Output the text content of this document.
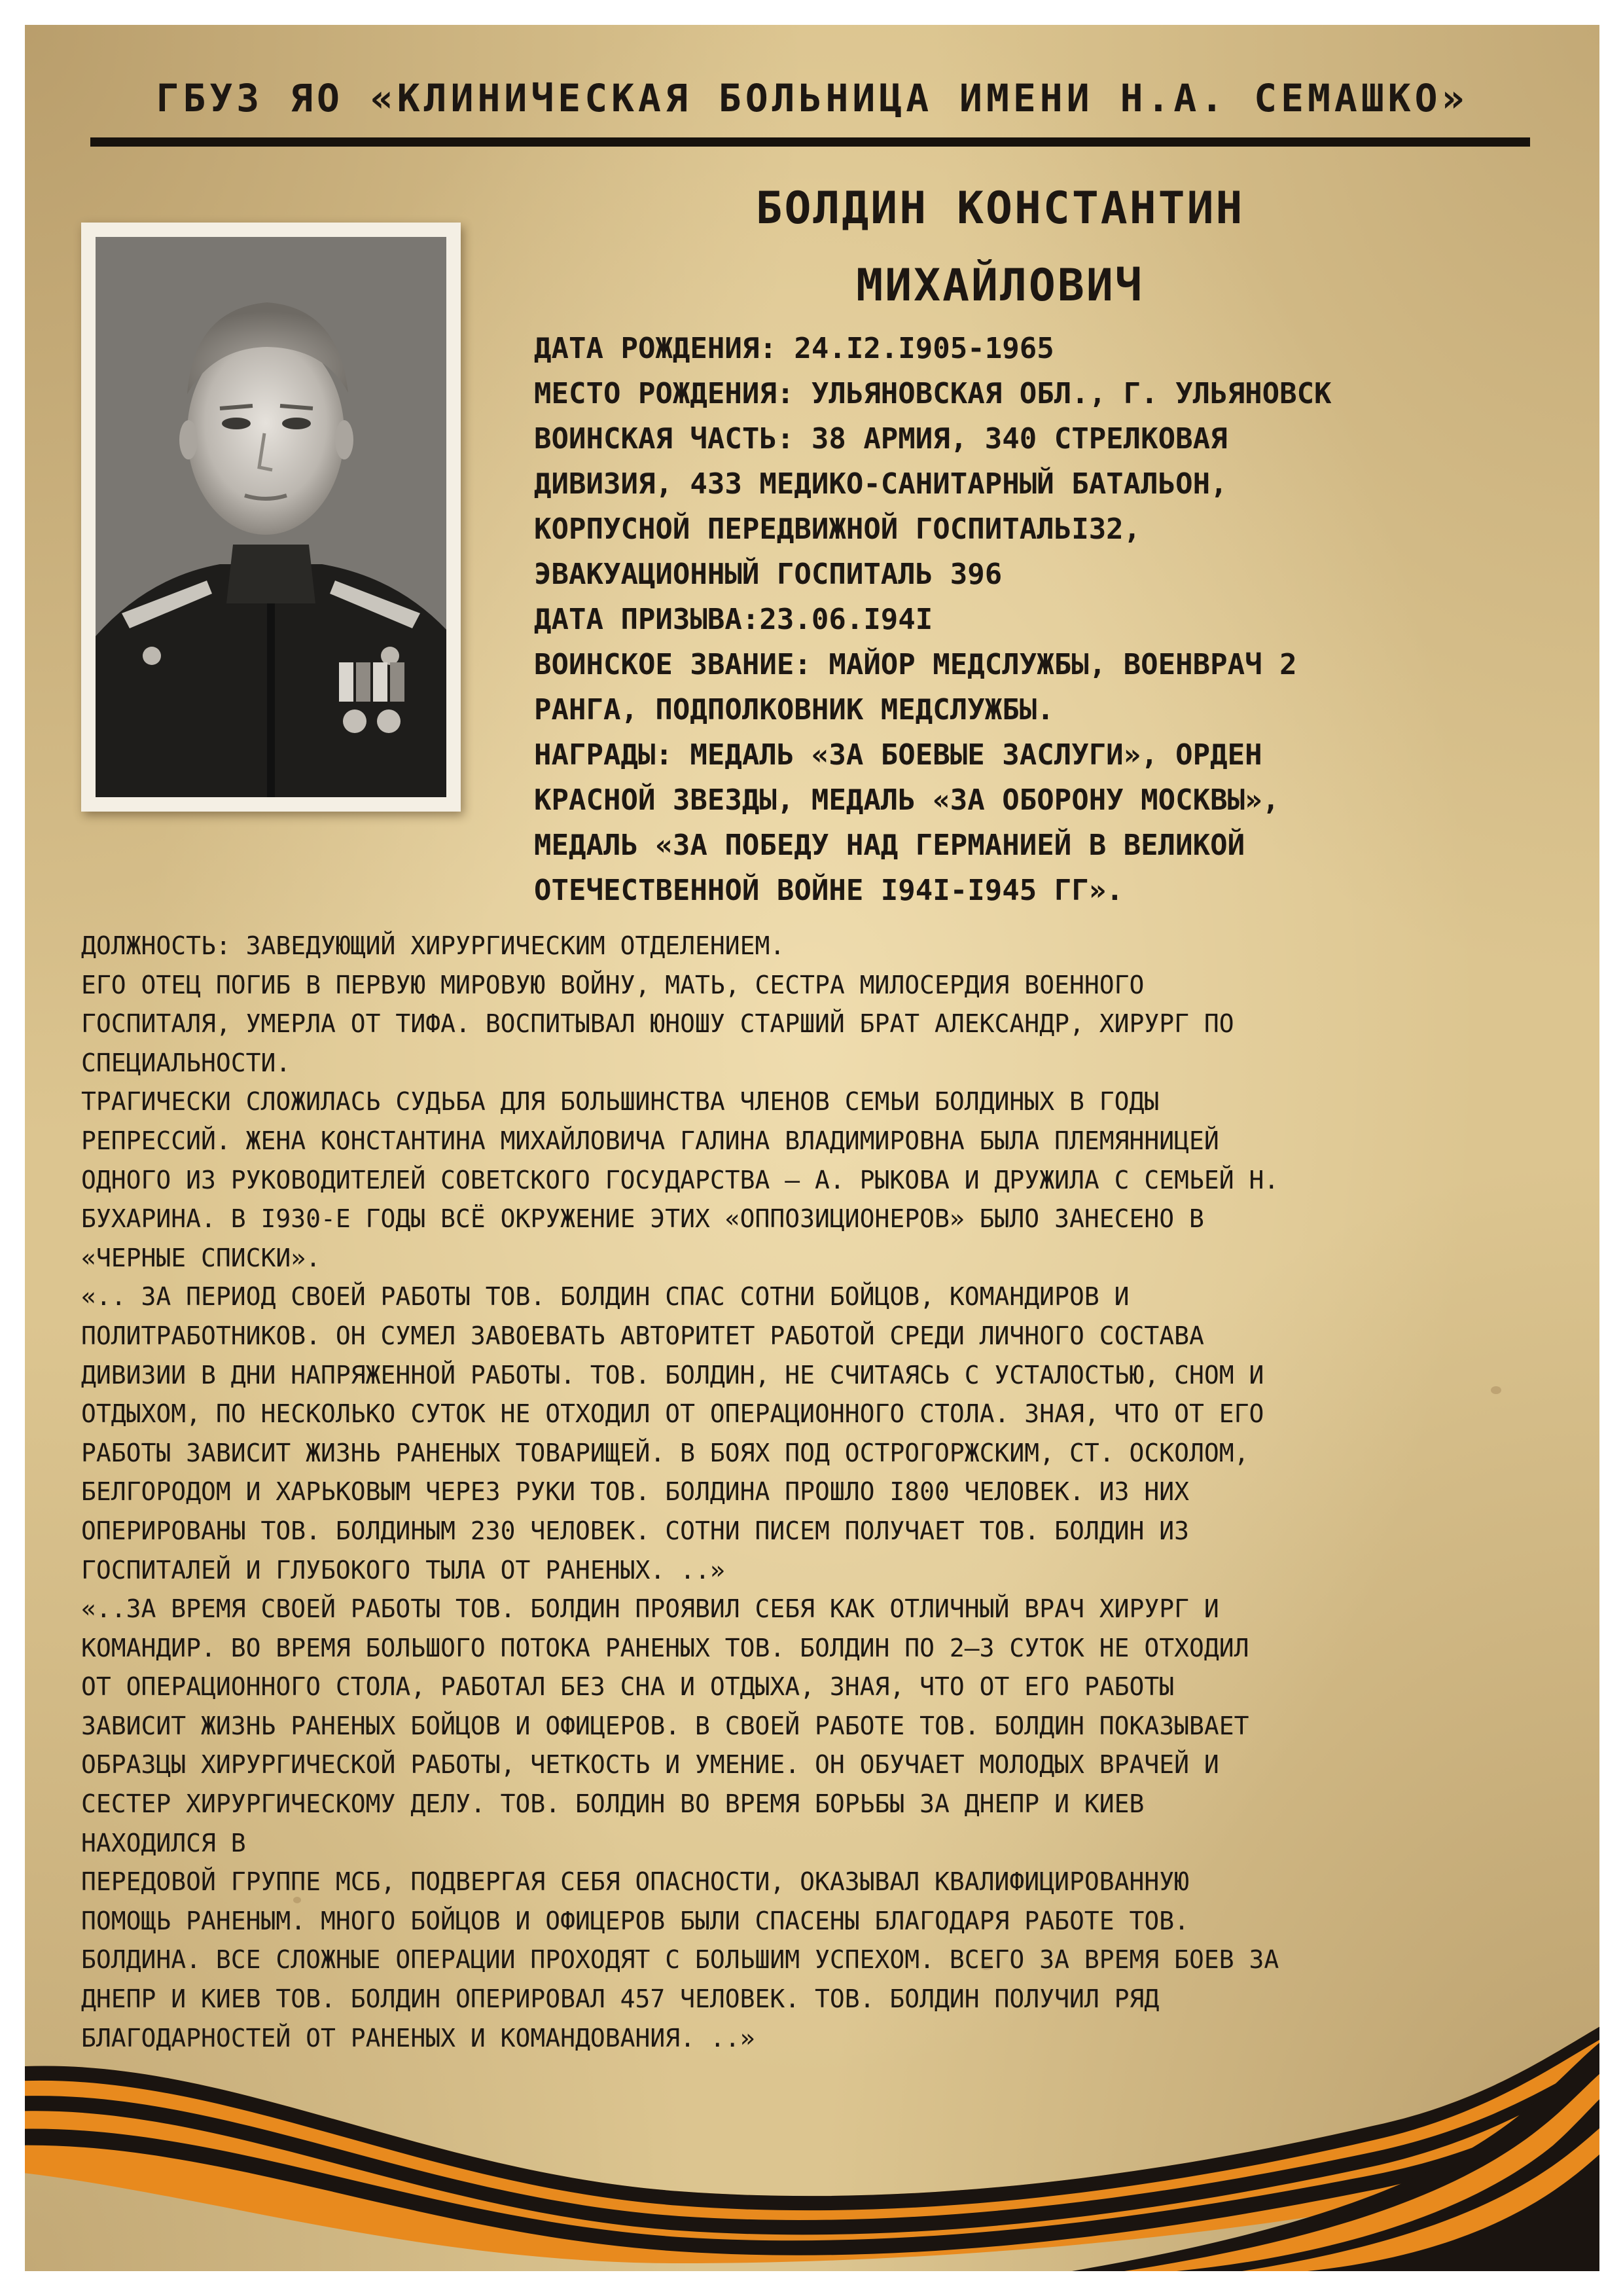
ГБУЗ ЯО «КЛИНИЧЕСКАЯ БОЛЬНИЦА ИМЕНИ Н.А. СЕМАШКО»
БОЛДИН КОНСТАНТИН
МИХАЙЛОВИЧ
ДАТА РОЖДЕНИЯ: 24.I2.I905-1965
МЕСТО РОЖДЕНИЯ: УЛЬЯНОВСКАЯ ОБЛ., Г. УЛЬЯНОВСК
ВОИНСКАЯ ЧАСТЬ: 38 АРМИЯ, 340 СТРЕЛКОВАЯ
ДИВИЗИЯ, 433 МЕДИКО-САНИТАРНЫЙ БАТАЛЬОН,
КОРПУСНОЙ ПЕРЕДВИЖНОЙ ГОСПИТАЛЬI32,
ЭВАКУАЦИОННЫЙ ГОСПИТАЛЬ 396
ДАТА ПРИЗЫВА:23.06.I94I
ВОИНСКОЕ ЗВАНИЕ: МАЙОР МЕДСЛУЖБЫ, ВОЕНВРАЧ 2
РАНГА, ПОДПОЛКОВНИК МЕДСЛУЖБЫ.
НАГРАДЫ: МЕДАЛЬ «ЗА БОЕВЫЕ ЗАСЛУГИ», ОРДЕН
КРАСНОЙ ЗВЕЗДЫ, МЕДАЛЬ «ЗА ОБОРОНУ МОСКВЫ»,
МЕДАЛЬ «ЗА ПОБЕДУ НАД ГЕРМАНИЕЙ В ВЕЛИКОЙ
ОТЕЧЕСТВЕННОЙ ВОЙНЕ I94I-I945 ГГ».
ДОЛЖНОСТЬ: ЗАВЕДУЮЩИЙ ХИРУРГИЧЕСКИМ ОТДЕЛЕНИЕМ.
ЕГО ОТЕЦ ПОГИБ В ПЕРВУЮ МИРОВУЮ ВОЙНУ, МАТЬ, СЕСТРА МИЛОСЕРДИЯ ВОЕННОГО
ГОСПИТАЛЯ, УМЕРЛА ОТ ТИФА. ВОСПИТЫВАЛ ЮНОШУ СТАРШИЙ БРАТ АЛЕКСАНДР, ХИРУРГ ПО
СПЕЦИАЛЬНОСТИ.
ТРАГИЧЕСКИ СЛОЖИЛАСЬ СУДЬБА ДЛЯ БОЛЬШИНСТВА ЧЛЕНОВ СЕМЬИ БОЛДИНЫХ В ГОДЫ
РЕПРЕССИЙ. ЖЕНА КОНСТАНТИНА МИХАЙЛОВИЧА ГАЛИНА ВЛАДИМИРОВНА БЫЛА ПЛЕМЯННИЦЕЙ
ОДНОГО ИЗ РУКОВОДИТЕЛЕЙ СОВЕТСКОГО ГОСУДАРСТВА — А. РЫКОВА И ДРУЖИЛА С СЕМЬЕЙ Н.
БУХАРИНА. В I930-Е ГОДЫ ВСЁ ОКРУЖЕНИЕ ЭТИХ «ОППОЗИЦИОНЕРОВ» БЫЛО ЗАНЕСЕНО В
«ЧЕРНЫЕ СПИСКИ».
«.. ЗА ПЕРИОД СВОЕЙ РАБОТЫ ТОВ. БОЛДИН СПАС СОТНИ БОЙЦОВ, КОМАНДИРОВ И
ПОЛИТРАБОТНИКОВ. ОН СУМЕЛ ЗАВОЕВАТЬ АВТОРИТЕТ РАБОТОЙ СРЕДИ ЛИЧНОГО СОСТАВА
ДИВИЗИИ В ДНИ НАПРЯЖЕННОЙ РАБОТЫ. ТОВ. БОЛДИН, НЕ СЧИТАЯСЬ С УСТАЛОСТЬЮ, СНОМ И
ОТДЫХОМ, ПО НЕСКОЛЬКО СУТОК НЕ ОТХОДИЛ ОТ ОПЕРАЦИОННОГО СТОЛА. ЗНАЯ, ЧТО ОТ ЕГО
РАБОТЫ ЗАВИСИТ ЖИЗНЬ РАНЕНЫХ ТОВАРИЩЕЙ. В БОЯХ ПОД ОСТРОГОРЖСКИМ, СТ. ОСКОЛОМ,
БЕЛГОРОДОМ И ХАРЬКОВЫМ ЧЕРЕЗ РУКИ ТОВ. БОЛДИНА ПРОШЛО I800 ЧЕЛОВЕК. ИЗ НИХ
ОПЕРИРОВАНЫ ТОВ. БОЛДИНЫМ 230 ЧЕЛОВЕК. СОТНИ ПИСЕМ ПОЛУЧАЕТ ТОВ. БОЛДИН ИЗ
ГОСПИТАЛЕЙ И ГЛУБОКОГО ТЫЛА ОТ РАНЕНЫХ. ..»
«..ЗА ВРЕМЯ СВОЕЙ РАБОТЫ ТОВ. БОЛДИН ПРОЯВИЛ СЕБЯ КАК ОТЛИЧНЫЙ ВРАЧ ХИРУРГ И
КОМАНДИР. ВО ВРЕМЯ БОЛЬШОГО ПОТОКА РАНЕНЫХ ТОВ. БОЛДИН ПО 2—3 СУТОК НЕ ОТХОДИЛ
ОТ ОПЕРАЦИОННОГО СТОЛА, РАБОТАЛ БЕЗ СНА И ОТДЫХА, ЗНАЯ, ЧТО ОТ ЕГО РАБОТЫ
ЗАВИСИТ ЖИЗНЬ РАНЕНЫХ БОЙЦОВ И ОФИЦЕРОВ. В СВОЕЙ РАБОТЕ ТОВ. БОЛДИН ПОКАЗЫВАЕТ
ОБРАЗЦЫ ХИРУРГИЧЕСКОЙ РАБОТЫ, ЧЕТКОСТЬ И УМЕНИЕ. ОН ОБУЧАЕТ МОЛОДЫХ ВРАЧЕЙ И
СЕСТЕР ХИРУРГИЧЕСКОМУ ДЕЛУ. ТОВ. БОЛДИН ВО ВРЕМЯ БОРЬБЫ ЗА ДНЕПР И КИЕВ
НАХОДИЛСЯ В
ПЕРЕДОВОЙ ГРУППЕ МСБ, ПОДВЕРГАЯ СЕБЯ ОПАСНОСТИ, ОКАЗЫВАЛ КВАЛИФИЦИРОВАННУЮ
ПОМОЩЬ РАНЕНЫМ. МНОГО БОЙЦОВ И ОФИЦЕРОВ БЫЛИ СПАСЕНЫ БЛАГОДАРЯ РАБОТЕ ТОВ.
БОЛДИНА. ВСЕ СЛОЖНЫЕ ОПЕРАЦИИ ПРОХОДЯТ С БОЛЬШИМ УСПЕХОМ. ВСЕГО ЗА ВРЕМЯ БОЕВ ЗА
ДНЕПР И КИЕВ ТОВ. БОЛДИН ОПЕРИРОВАЛ 457 ЧЕЛОВЕК. ТОВ. БОЛДИН ПОЛУЧИЛ РЯД
БЛАГОДАРНОСТЕЙ ОТ РАНЕНЫХ И КОМАНДОВАНИЯ. ..»
